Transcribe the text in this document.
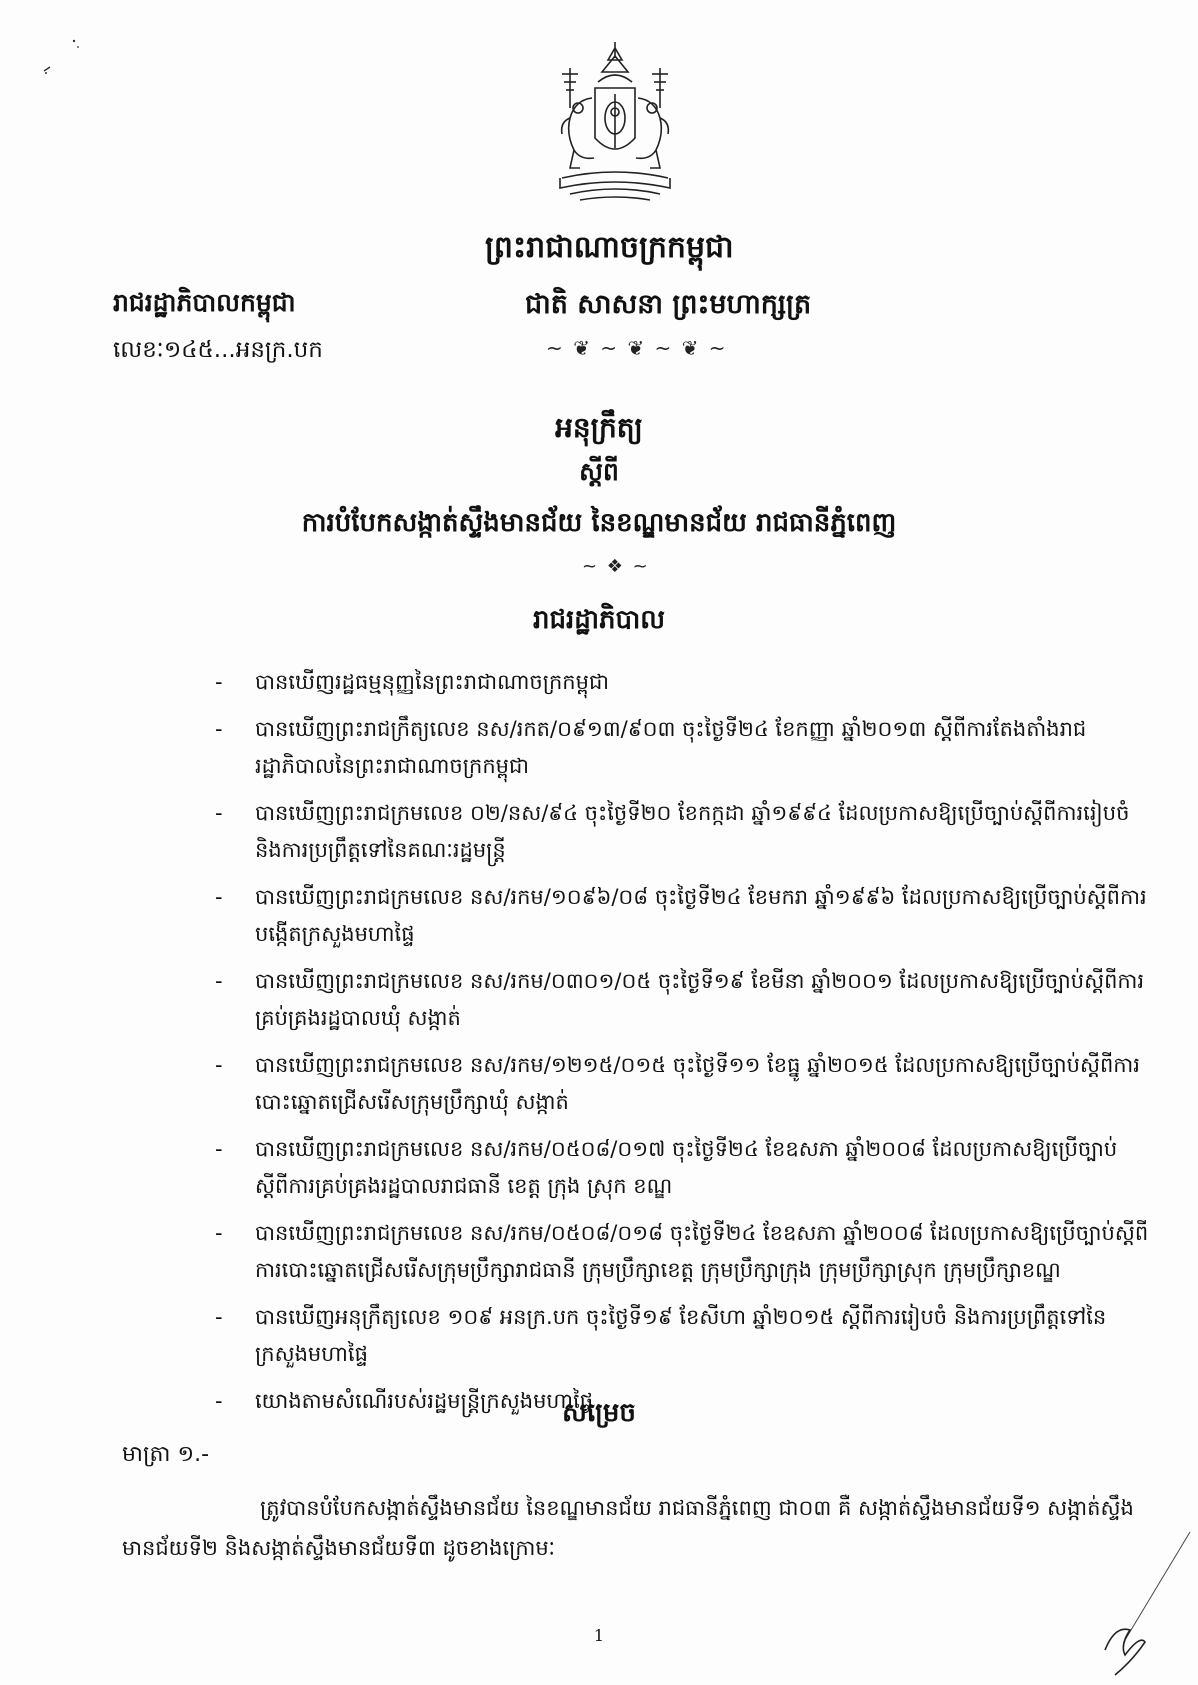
ព្រះរាជាណាចក្រកម្ពុជា
រាជរដ្ឋាភិបាលកម្ពុជា	ជាតិ សាសនា ព្រះមហាក្សត្រ
លេខៈ១៤៥...អនក្រ.បក	~ ❦ ~ ❦ ~ ❦ ~
អនុក្រឹត្យ
ស្តីពី
ការបំបែកសង្កាត់ស្ទឹងមានជ័យ នៃខណ្ឌមានជ័យ រាជធានីភ្នំពេញ
~ ❖ ~
រាជរដ្ឋាភិបាល
- បានឃើញរដ្ឋធម្មនុញ្ញនៃព្រះរាជាណាចក្រកម្ពុជា
- បានឃើញព្រះរាជក្រឹត្យលេខ នស/រកត/០៩១៣/៩០៣ ចុះថ្ងៃទី២៤ ខែកញ្ញា ឆ្នាំ២០១៣ ស្តីពីការតែងតាំងរាជរដ្ឋាភិបាលនៃព្រះរាជាណាចក្រកម្ពុជា
- បានឃើញព្រះរាជក្រមលេខ ០២/នស/៩៤ ចុះថ្ងៃទី២០ ខែកក្កដា ឆ្នាំ១៩៩៤ ដែលប្រកាសឱ្យប្រើច្បាប់ស្តីពីការរៀបចំ និងការប្រព្រឹត្តទៅនៃគណៈរដ្ឋមន្ត្រី
- បានឃើញព្រះរាជក្រមលេខ នស/រកម/១០៩៦/០៨ ចុះថ្ងៃទី២៤ ខែមករា ឆ្នាំ១៩៩៦ ដែលប្រកាសឱ្យប្រើច្បាប់ស្តីពីការបង្កើតក្រសួងមហាផ្ទៃ
- បានឃើញព្រះរាជក្រមលេខ នស/រកម/០៣០១/០៥ ចុះថ្ងៃទី១៩ ខែមីនា ឆ្នាំ២០០១ ដែលប្រកាសឱ្យប្រើច្បាប់ស្តីពីការគ្រប់គ្រងរដ្ឋបាលឃុំ សង្កាត់
- បានឃើញព្រះរាជក្រមលេខ នស/រកម/១២១៥/០១៥ ចុះថ្ងៃទី១១ ខែធ្នូ ឆ្នាំ២០១៥ ដែលប្រកាសឱ្យប្រើច្បាប់ស្តីពីការបោះឆ្នោតជ្រើសរើសក្រុមប្រឹក្សាឃុំ សង្កាត់
- បានឃើញព្រះរាជក្រមលេខ នស/រកម/០៥០៨/០១៧ ចុះថ្ងៃទី២៤ ខែឧសភា ឆ្នាំ២០០៨ ដែលប្រកាសឱ្យប្រើច្បាប់ស្តីពីការគ្រប់គ្រងរដ្ឋបាលរាជធានី ខេត្ត ក្រុង ស្រុក ខណ្ឌ
- បានឃើញព្រះរាជក្រមលេខ នស/រកម/០៥០៨/០១៨ ចុះថ្ងៃទី២៤ ខែឧសភា ឆ្នាំ២០០៨ ដែលប្រកាសឱ្យប្រើច្បាប់ស្តីពីការបោះឆ្នោតជ្រើសរើសក្រុមប្រឹក្សារាជធានី ក្រុមប្រឹក្សាខេត្ត ក្រុមប្រឹក្សាក្រុង ក្រុមប្រឹក្សាស្រុក ក្រុមប្រឹក្សាខណ្ឌ
- បានឃើញអនុក្រឹត្យលេខ ១០៩ អនក្រ.បក ចុះថ្ងៃទី១៩ ខែសីហា ឆ្នាំ២០១៥ ស្តីពីការរៀបចំ និងការប្រព្រឹត្តទៅនៃក្រសួងមហាផ្ទៃ
- យោងតាមសំណើរបស់រដ្ឋមន្ត្រីក្រសួងមហាផ្ទៃ
សម្រេច
មាត្រា ១.-
ត្រូវបានបំបែកសង្កាត់ស្ទឹងមានជ័យ នៃខណ្ឌមានជ័យ រាជធានីភ្នំពេញ ជា០៣ គឺ សង្កាត់ស្ទឹងមានជ័យទី១ សង្កាត់ស្ទឹងមានជ័យទី២ និងសង្កាត់ស្ទឹងមានជ័យទី៣ ដូចខាងក្រោមៈ
1
